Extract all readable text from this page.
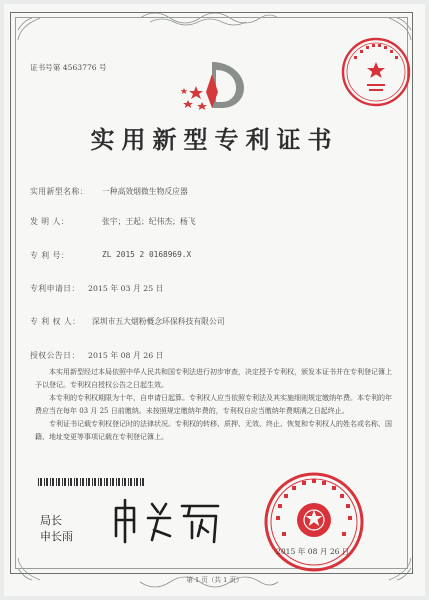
证书号第 4563776 号
实用新型专利证书
实用新型名称： 一种高效烟微生物反应器
发 明 人：	张宇；王起；纪伟杰；杨飞
专 利 号：	ZL 2015 2 0168969.X
专利申请日： 2015 年 03 月 25 日
专 利 权 人： 深圳市五大烟粉概念环保科技有限公司
授权公告日： 2015 年 08 月 26 日

本实用新型经过本局依照中华人民共和国专利法进行初步审查，决定授予专利权，颁发本证书并在专利登记簿上予以登记。专利权自授权公告之日起生效。

本专利的专利权期限为十年，自申请日起算。专利权人应当依照专利法及其实施细则规定缴纳年费。本专利的年费应当在每年 03 月 25 日前缴纳。未按照规定缴纳年费的，专利权自应当缴纳年费期满之日起终止。

专利证书记载专利权登记时的法律状况。专利权的转移、质押、无效、终止、恢复和专利权人的姓名或名称、国籍、地址变更等事项记载在专利登记簿上。

局长
申长雨
2015 年 08 月 26 日
第 1 页（共 1 页）
